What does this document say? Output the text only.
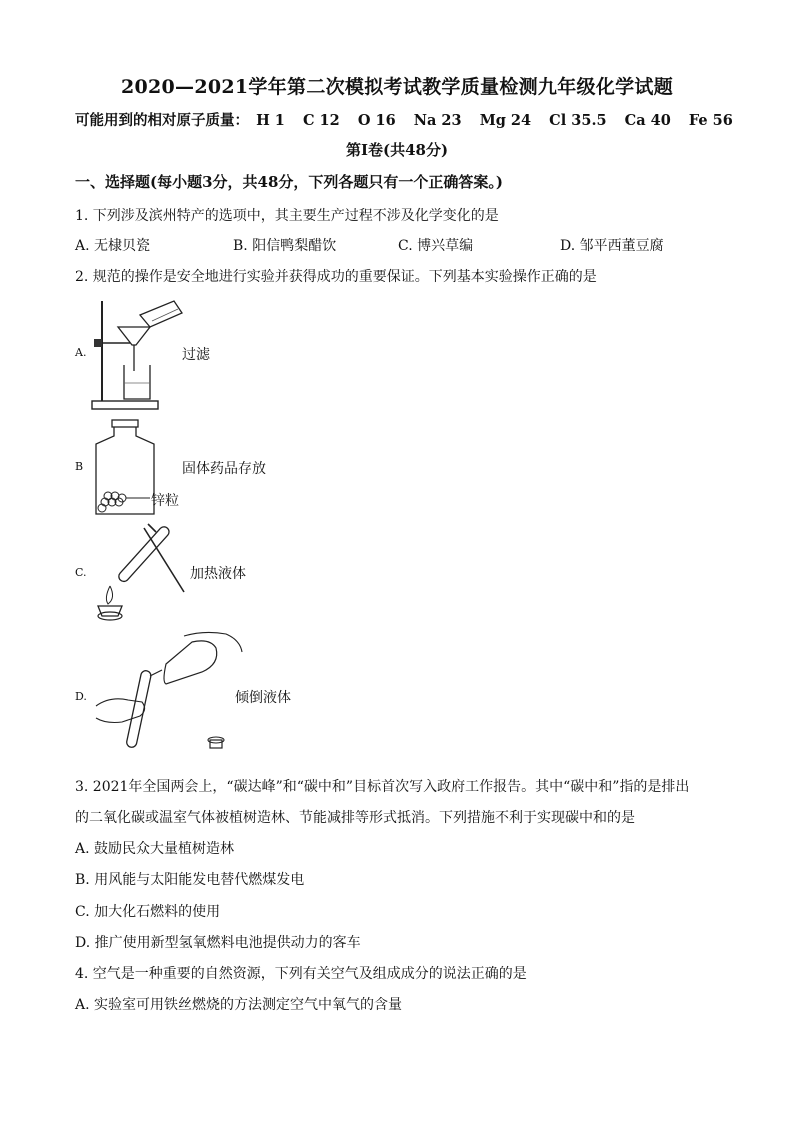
2020—2021学年第二次模拟考试教学质量检测九年级化学试题
可能用到的相对原子质量： H 1 C 12 O 16 Na 23 Mg 24 Cl 35.5 Ca 40 Fe 56
第Ⅰ卷(共48分)
一、选择题(每小题3分，共48分，下列各题只有一个正确答案。)
1. 下列涉及滨州特产的选项中，其主要生产过程不涉及化学变化的是
A. 无棣贝瓷	B. 阳信鸭梨醋饮	C. 博兴草编	D. 邹平西董豆腐
2. 规范的操作是安全地进行实验并获得成功的重要保证。下列基本实验操作正确的是
A.	过滤
B	固体药品存放
锌粒
C.	加热液体
D.	倾倒液体
3. 2021年全国两会上，“碳达峰”和“碳中和”目标首次写入政府工作报告。其中“碳中和”指的是排出
的二氧化碳或温室气体被植树造林、节能减排等形式抵消。下列措施不利于实现碳中和的是
A. 鼓励民众大量植树造林
B. 用风能与太阳能发电替代燃煤发电
C. 加大化石燃料的使用
D. 推广使用新型氢氧燃料电池提供动力的客车
4. 空气是一种重要的自然资源，下列有关空气及组成成分的说法正确的是
A. 实验室可用铁丝燃烧的方法测定空气中氧气的含量
